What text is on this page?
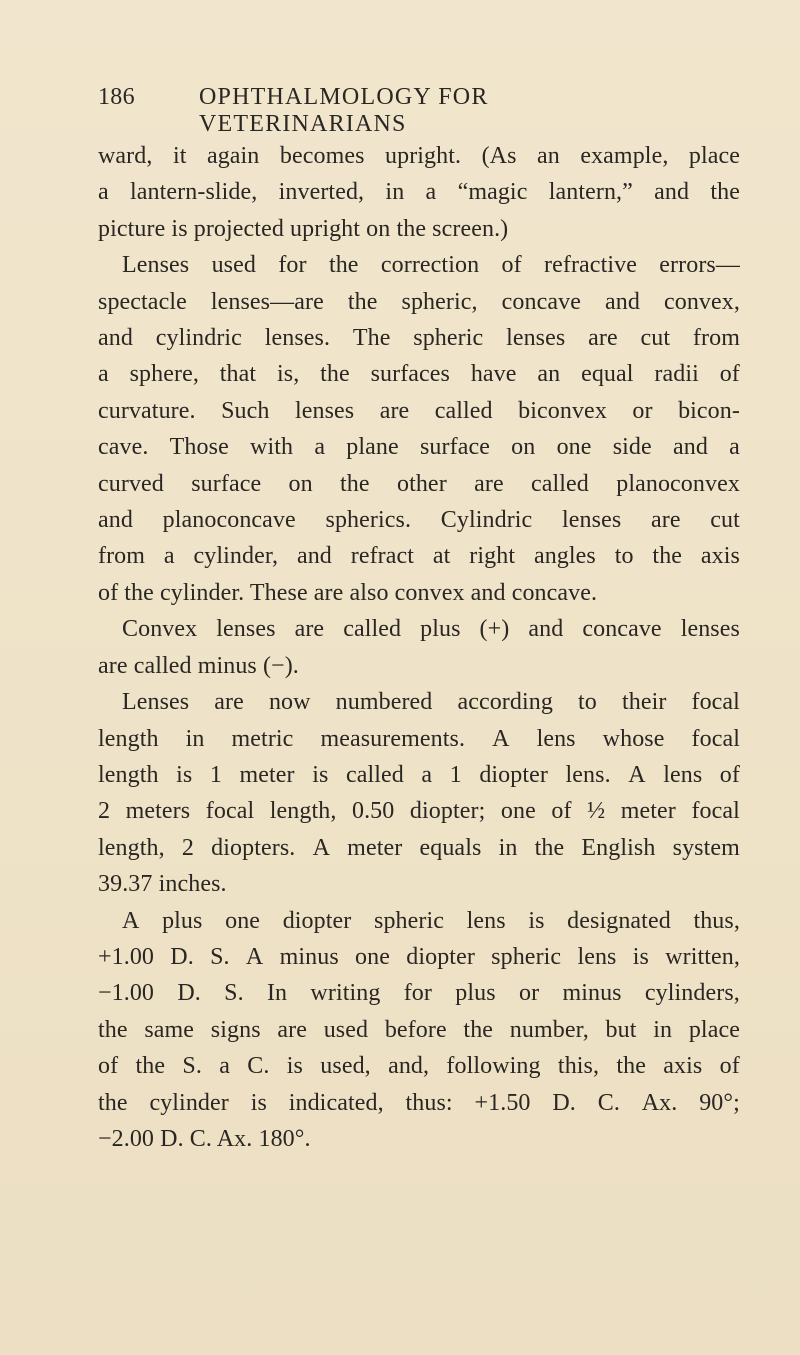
186	OPHTHALMOLOGY FOR VETERINARIANS
ward, it again becomes upright. (As an example, place
a lantern-slide, inverted, in a “magic lantern,” and the
picture is projected upright on the screen.)
Lenses used for the correction of refractive errors—
spectacle lenses—are the spheric, concave and convex,
and cylindric lenses. The spheric lenses are cut from
a sphere, that is, the surfaces have an equal radii of
curvature. Such lenses are called biconvex or bicon-
cave. Those with a plane surface on one side and a
curved surface on the other are called planoconvex
and planoconcave spherics. Cylindric lenses are cut
from a cylinder, and refract at right angles to the axis
of the cylinder. These are also convex and concave.
Convex lenses are called plus (+) and concave lenses
are called minus (−).
Lenses are now numbered according to their focal
length in metric measurements. A lens whose focal
length is 1 meter is called a 1 diopter lens. A lens of
2 meters focal length, 0.50 diopter; one of ½ meter focal
length, 2 diopters. A meter equals in the English system
39.37 inches.
A plus one diopter spheric lens is designated thus,
+1.00 D. S. A minus one diopter spheric lens is written,
−1.00 D. S. In writing for plus or minus cylinders,
the same signs are used before the number, but in place
of the S. a C. is used, and, following this, the axis of
the cylinder is indicated, thus: +1.50 D. C. Ax. 90°;
−2.00 D. C. Ax. 180°.
